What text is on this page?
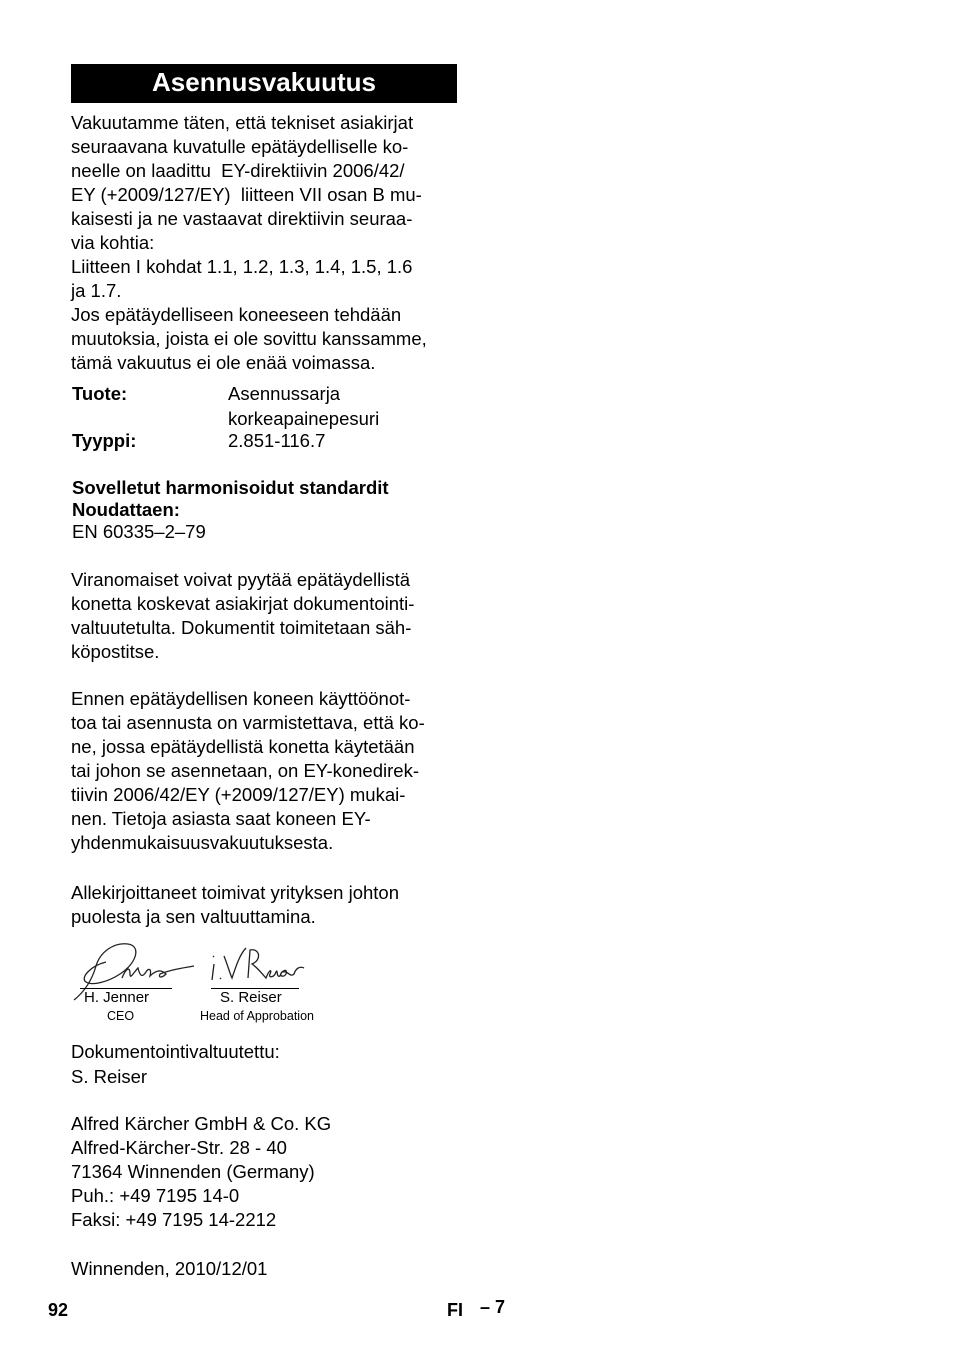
Asennusvakuutus
Vakuutamme täten, että tekniset asiakirjat
seuraavana kuvatulle epätäydelliselle ko-
neelle on laadittu  EY-direktiivin 2006/42/
EY (+2009/127/EY)  liitteen VII osan B mu-
kaisesti ja ne vastaavat direktiivin seuraa-
via kohtia:
Liitteen I kohdat 1.1, 1.2, 1.3, 1.4, 1.5, 1.6
ja 1.7.
Jos epätäydelliseen koneeseen tehdään
muutoksia, joista ei ole sovittu kanssamme,
tämä vakuutus ei ole enää voimassa.
Tuote:	Asennussarja
korkeapainepesuri
Tyyppi:	2.851-116.7
Sovelletut harmonisoidut standardit
Noudattaen:
EN 60335–2–79
Viranomaiset voivat pyytää epätäydellistä
konetta koskevat asiakirjat dokumentointi-
valtuutetulta. Dokumentit toimitetaan säh-
köpostitse.
Ennen epätäydellisen koneen käyttöönot-
toa tai asennusta on varmistettava, että ko-
ne, jossa epätäydellistä konetta käytetään
tai johon se asennetaan, on EY-konedirek-
tiivin 2006/42/EY (+2009/127/EY) mukai-
nen. Tietoja asiasta saat koneen EY-
yhdenmukaisuusvakuutuksesta.
Allekirjoittaneet toimivat yrityksen johton
puolesta ja sen valtuuttamina.
H. Jenner	S. Reiser
CEO	Head of Approbation
Dokumentointivaltuutettu:
S. Reiser
Alfred Kärcher GmbH & Co. KG
Alfred-Kärcher-Str. 28 - 40
71364 Winnenden (Germany)
Puh.: +49 7195 14-0
Faksi: +49 7195 14-2212
Winnenden, 2010/12/01
92	FI – 7
